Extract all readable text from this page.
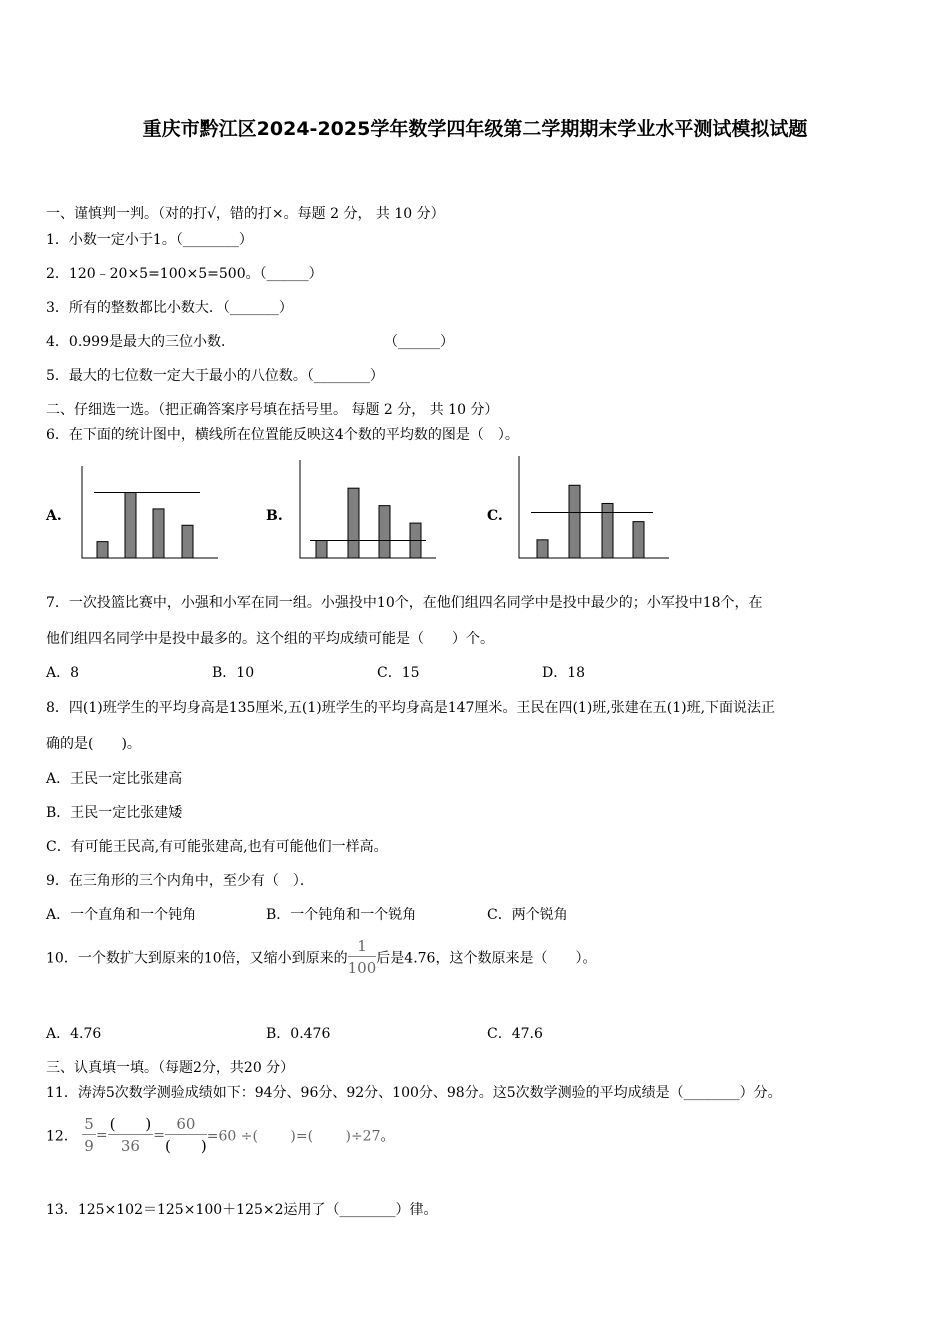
重庆市黔江区2024-2025学年数学四年级第二学期期末学业水平测试模拟试题
一、谨慎判一判。（对的打√，错的打×。每题 2 分， 共 10 分）
1．小数一定小于1。（________）
2．120﹣20×5=100×5=500。（______）
3．所有的整数都比小数大．（_______）
4．0.999是最大的三位小数．	（______）
5．最大的七位数一定大于最小的八位数。（________）
二、仔细选一选。（把正确答案序号填在括号里。 每题 2 分， 共 10 分）
6．在下面的统计图中，横线所在位置能反映这4个数的平均数的图是（　）。
A.	B.	C.
7．一次投篮比赛中，小强和小军在同一组。小强投中10个，在他们组四名同学中是投中最少的；小军投中18个，在
他们组四名同学中是投中最多的。这个组的平均成绩可能是（　　）个。
A．8	B．10	C．15	D．18
8．四(1)班学生的平均身高是135厘米,五(1)班学生的平均身高是147厘米。王民在四(1)班,张建在五(1)班,下面说法正
确的是(　　)。
A．王民一定比张建高
B．王民一定比张建矮
C．有可能王民高,有可能张建高,也有可能他们一样高。
9．在三角形的三个内角中，至少有（　）．
A．一个直角和一个钝角	B．一个钝角和一个锐角	C．两个锐角
10．一个数扩大到原来的10倍，又缩小到原来的 $\frac{1}{100}$ 后是4.76，这个数原来是（　　）。
A．4.76	B．0.476	C．47.6
三、认真填一填。（每题2分，共20 分）
11．涛涛5次数学测验成绩如下：94分、96分、92分、100分、98分。这5次数学测验的平均成绩是（________）分。
12． $\frac{5}{9} = \frac{( )}{36} = \frac{60}{( )} =60$ ÷(　　 )=(　　 )÷27。
13．125×102＝125×100＋125×2运用了（________）律。
